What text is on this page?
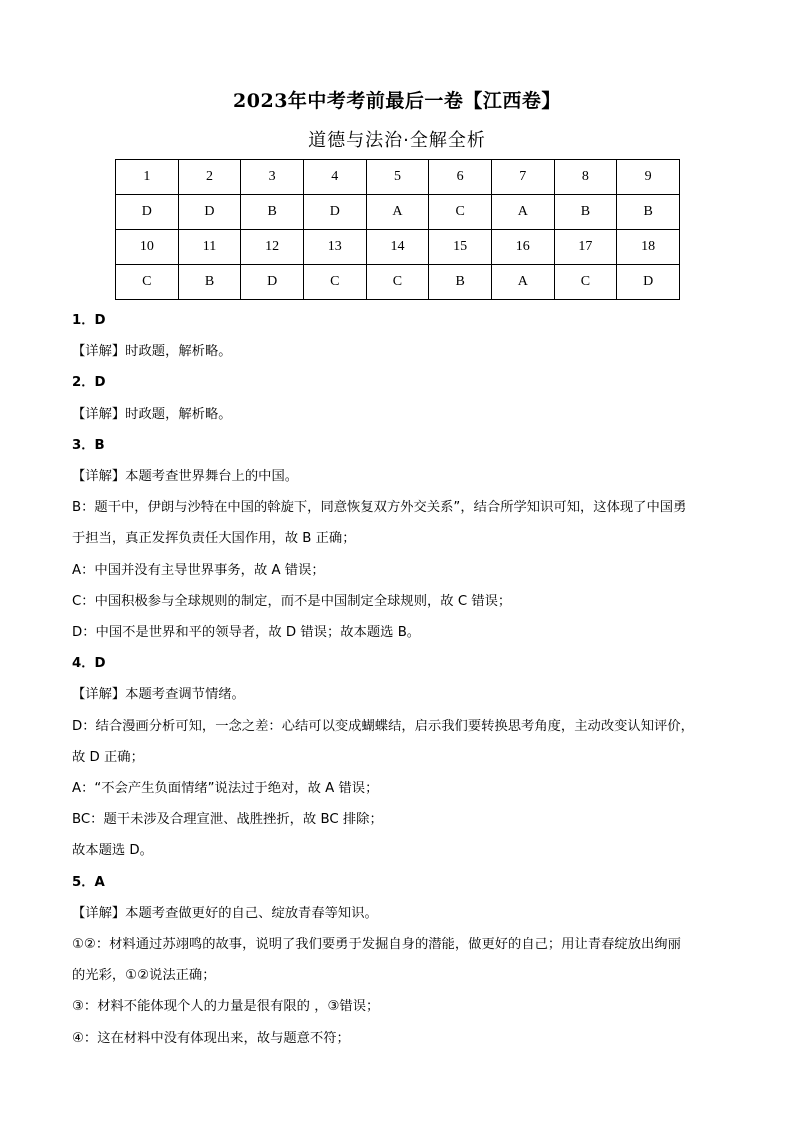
2023年中考考前最后一卷【江西卷】
道德与法治·全解全析
1	2	3	4	5	6	7	8	9
D	D	B	D	A	C	A	B	B
10	11	12	13	14	15	16	17	18
C	B	D	C	C	B	A	C	D

1．D

【详解】时政题，解析略。

2．D

【详解】时政题，解析略。

3．B

【详解】本题考查世界舞台上的中国。

B：题干中，伊朗与沙特在中国的斡旋下，同意恢复双方外交关系”，结合所学知识可知，这体现了中国勇

于担当，真正发挥负责任大国作用，故 B 正确；

A：中国并没有主导世界事务，故 A 错误；

C：中国积极参与全球规则的制定，而不是中国制定全球规则，故 C 错误；

D：中国不是世界和平的领导者，故 D 错误；故本题选 B。

4．D

【详解】本题考查调节情绪。

D：结合漫画分析可知，一念之差：心结可以变成蝴蝶结，启示我们要转换思考角度，主动改变认知评价，

故 D 正确；

A：“不会产生负面情绪”说法过于绝对，故 A 错误；

BC：题干未涉及合理宣泄、战胜挫折，故 BC 排除；

故本题选 D。

5．A

【详解】本题考查做更好的自己、绽放青春等知识。

①②：材料通过苏翊鸣的故事，说明了我们要勇于发掘自身的潜能，做更好的自己；用让青春绽放出绚丽

的光彩，①②说法正确；

③：材料不能体现个人的力量是很有限的 ，③错误；

④：这在材料中没有体现出来，故与题意不符；
